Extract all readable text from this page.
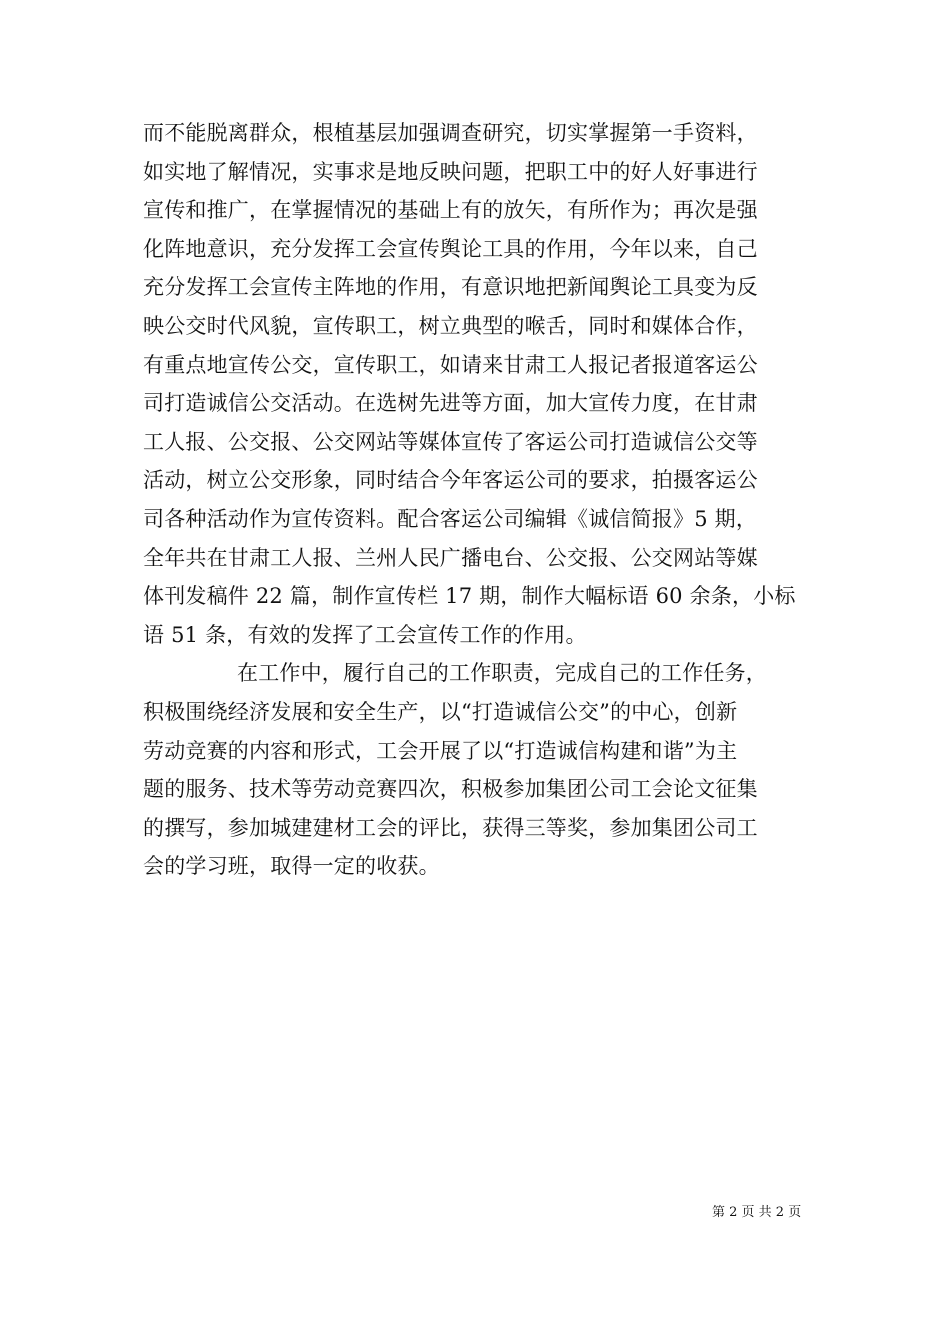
而不能脱离群众，根植基层加强调查研究，切实掌握第一手资料，
如实地了解情况，实事求是地反映问题，把职工中的好人好事进行
宣传和推广，在掌握情况的基础上有的放矢，有所作为；再次是强
化阵地意识，充分发挥工会宣传舆论工具的作用，今年以来，自己
充分发挥工会宣传主阵地的作用，有意识地把新闻舆论工具变为反
映公交时代风貌，宣传职工，树立典型的喉舌，同时和媒体合作，
有重点地宣传公交，宣传职工，如请来甘肃工人报记者报道客运公
司打造诚信公交活动。在选树先进等方面，加大宣传力度，在甘肃
工人报、公交报、公交网站等媒体宣传了客运公司打造诚信公交等
活动，树立公交形象，同时结合今年客运公司的要求，拍摄客运公
司各种活动作为宣传资料。配合客运公司编辑《诚信简报》5 期，
全年共在甘肃工人报、兰州人民广播电台、公交报、公交网站等媒
体刊发稿件 22 篇，制作宣传栏 17 期，制作大幅标语 60 余条，小标
语 51 条，有效的发挥了工会宣传工作的作用。
在工作中，履行自己的工作职责，完成自己的工作任务，
积极围绕经济发展和安全生产，以“打造诚信公交”的中心，创新
劳动竞赛的内容和形式，工会开展了以“打造诚信构建和谐”为主
题的服务、技术等劳动竞赛四次，积极参加集团公司工会论文征集
的撰写，参加城建建材工会的评比，获得三等奖，参加集团公司工
会的学习班，取得一定的收获。
第 2 页 共 2 页
